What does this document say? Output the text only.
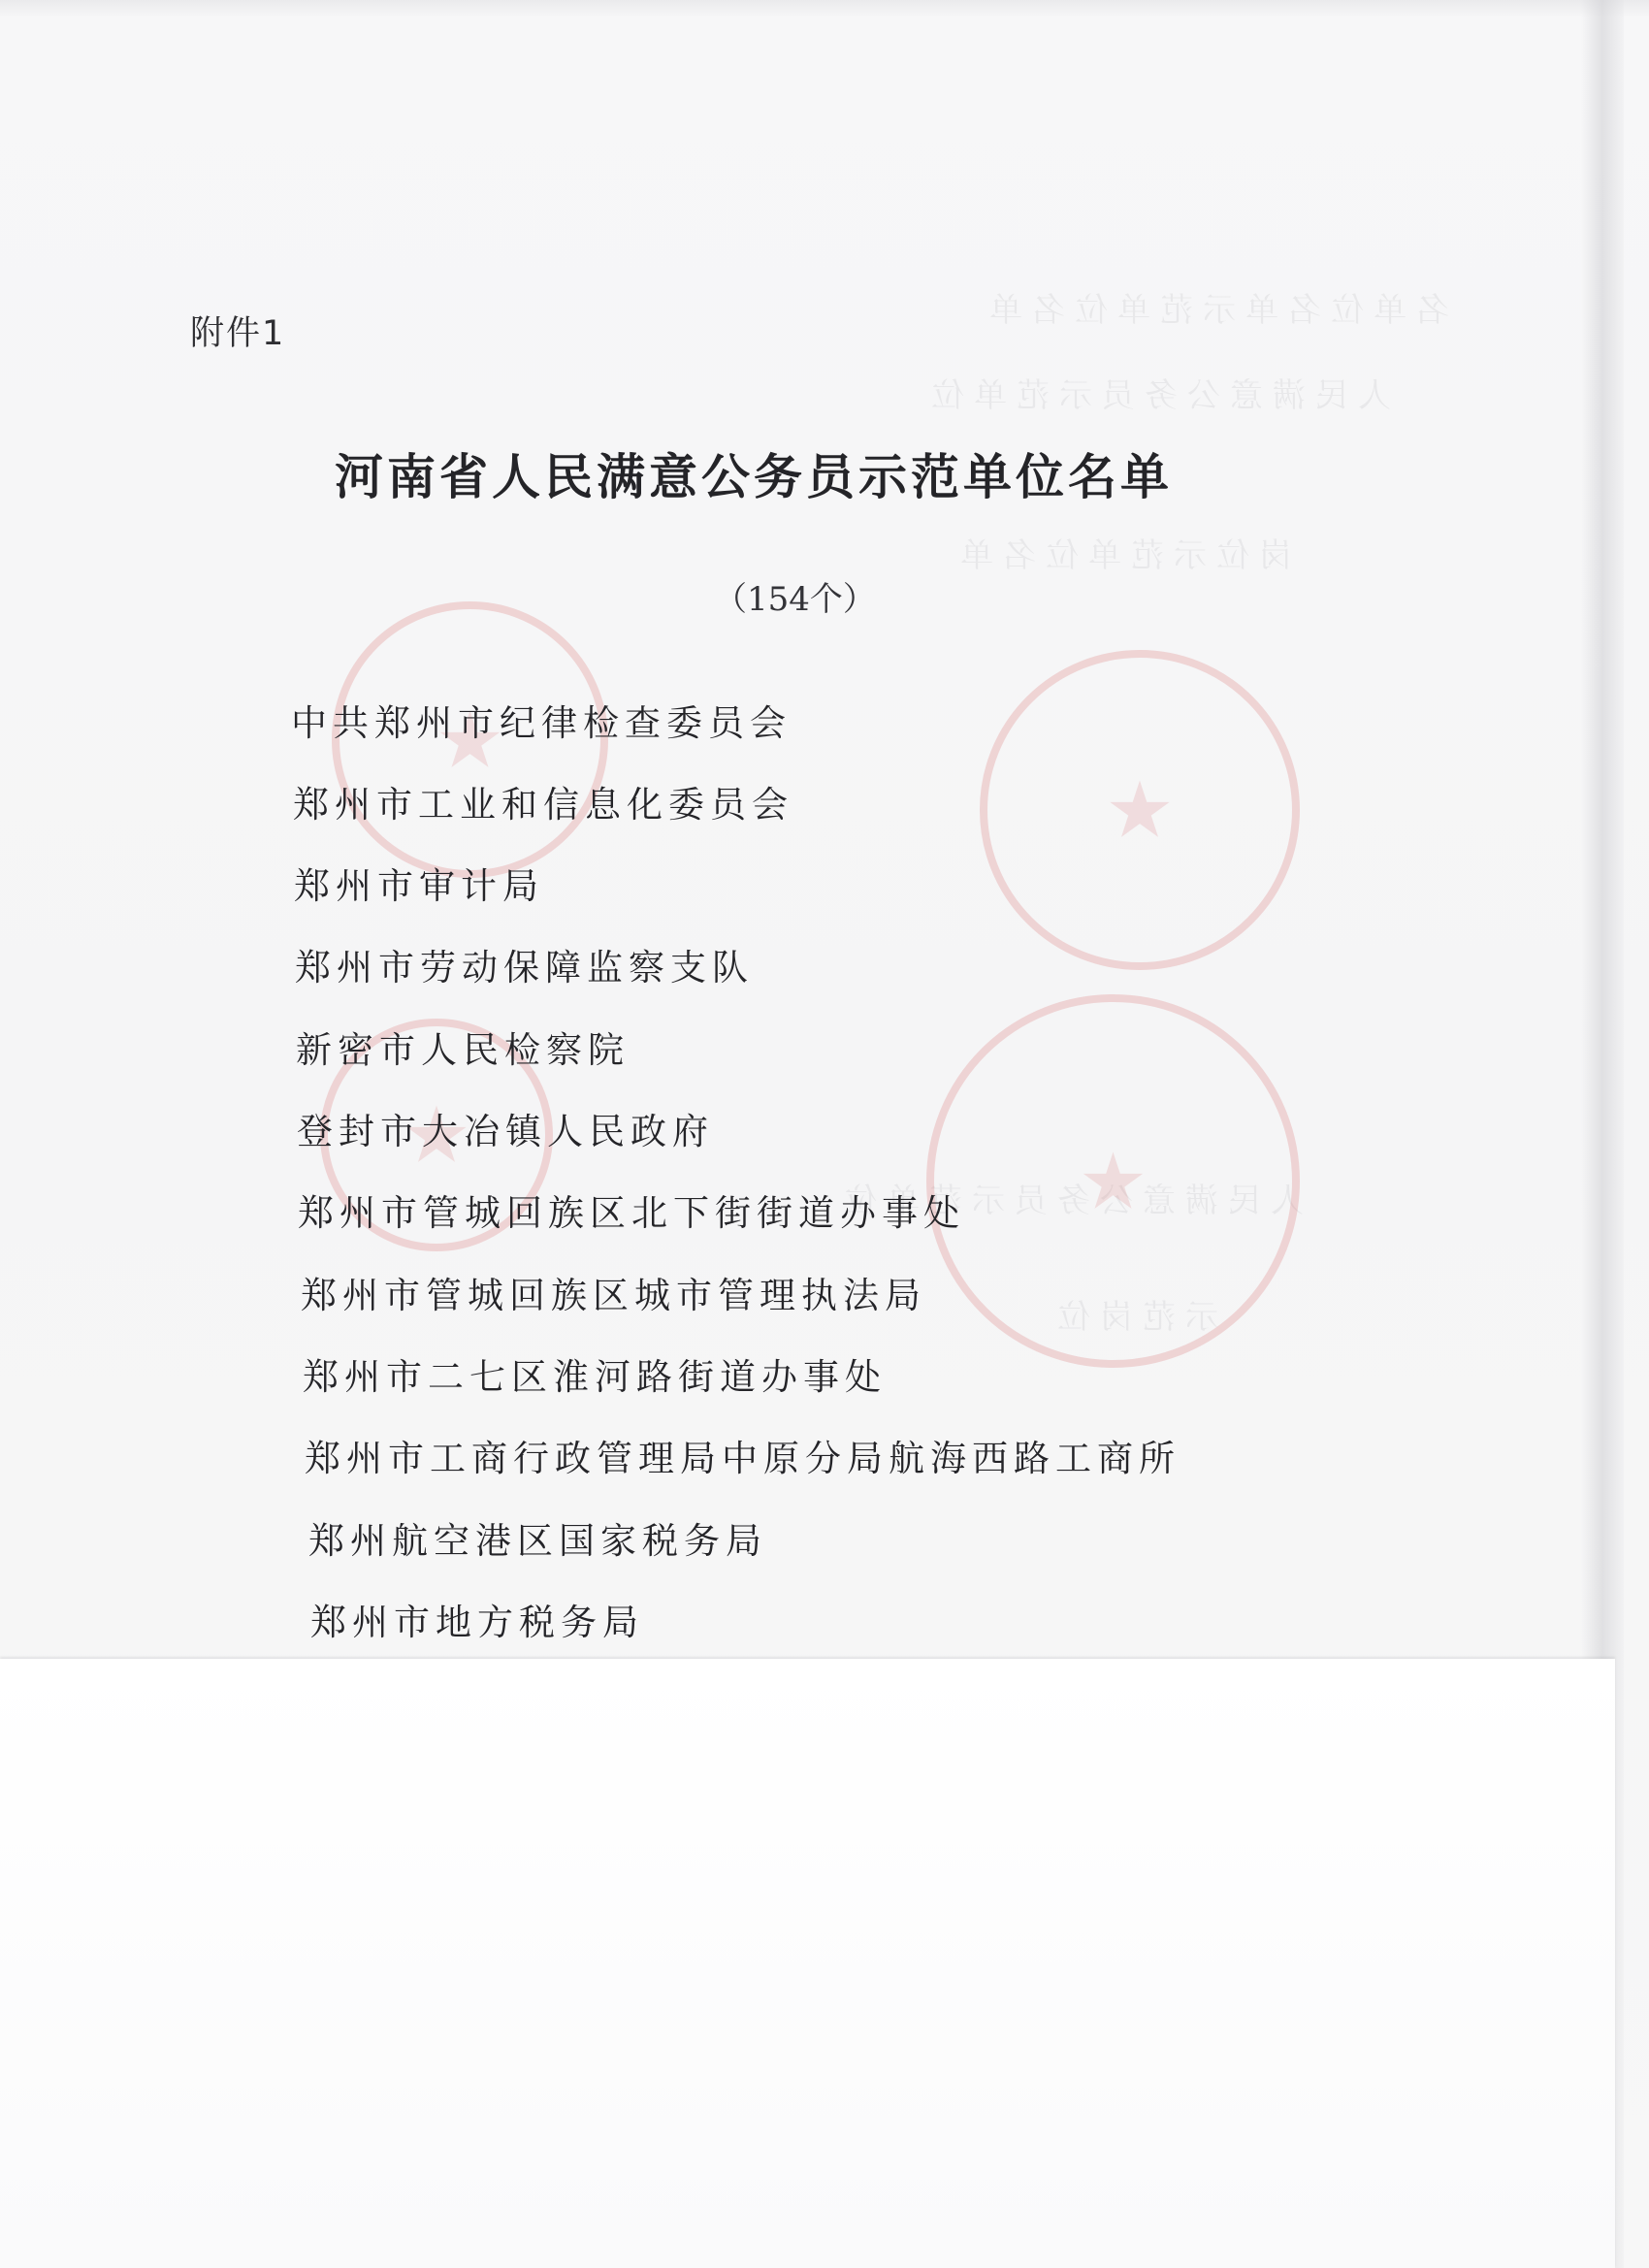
名单位名单示范单位名单
人民满意公务员示范单位
岗位示范单位名单
人民满意公务员示范单位
示范岗位
★
★
★
★
附件1
河南省人民满意公务员示范单位名单
（154个）
中共郑州市纪律检查委员会
郑州市工业和信息化委员会
郑州市审计局
郑州市劳动保障监察支队
新密市人民检察院
登封市大冶镇人民政府
郑州市管城回族区北下街街道办事处
郑州市管城回族区城市管理执法局
郑州市二七区淮河路街道办事处
郑州市工商行政管理局中原分局航海西路工商所
郑州航空港区国家税务局
郑州市地方税务局
